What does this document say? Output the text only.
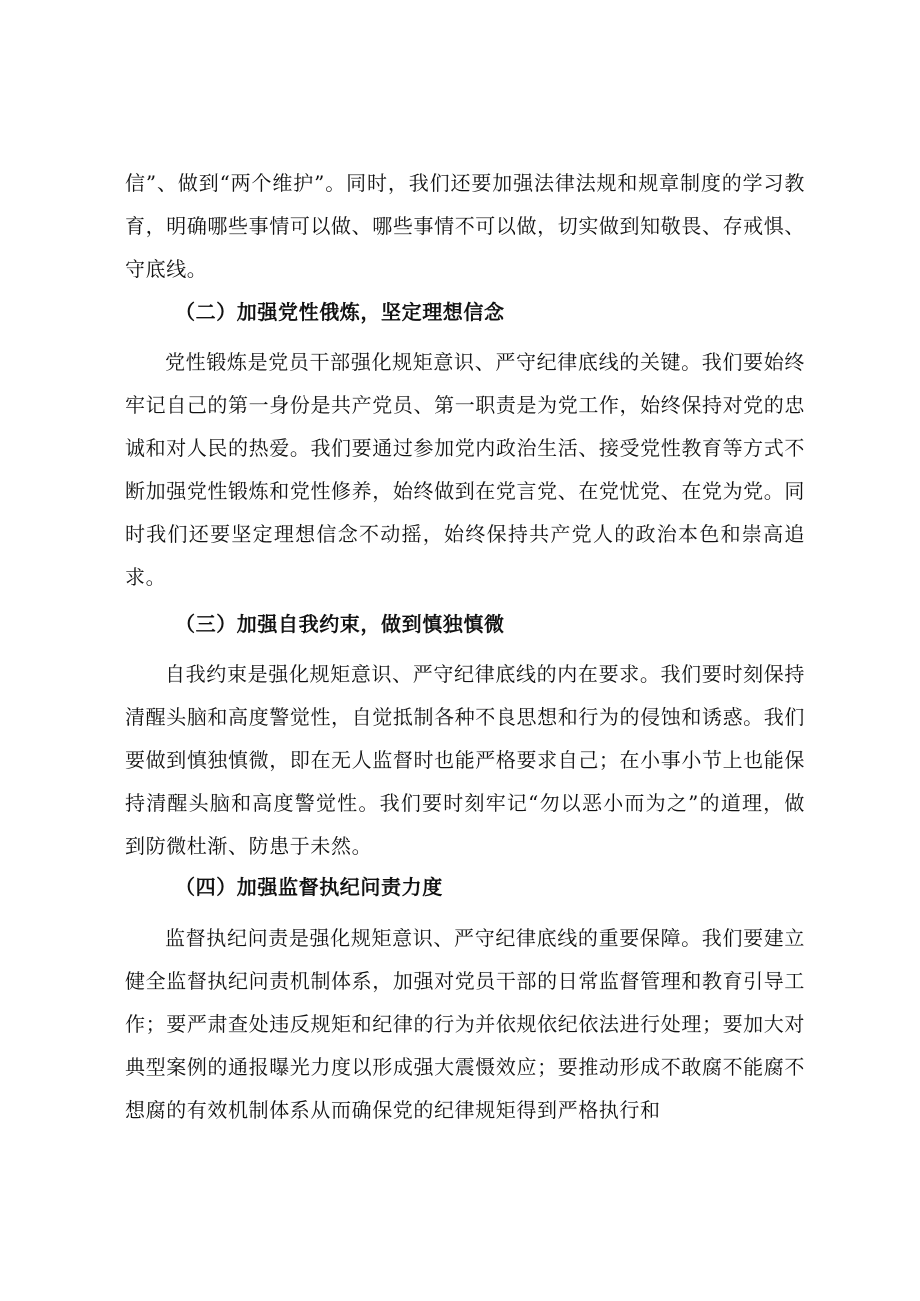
信”、做到“两个维护”。同时，我们还要加强法律法规和规章制度的学习教育，明确哪些事情可以做、哪些事情不可以做，切实做到知敬畏、存戒惧、守底线。

（二）加强党性俄炼，坚定理想信念

党性锻炼是党员干部强化规矩意识、严守纪律底线的关键。我们要始终牢记自己的第一身份是共产党员、第一职责是为党工作，始终保持对党的忠诚和对人民的热爱。我们要通过参加党内政治生活、接受党性教育等方式不断加强党性锻炼和党性修养，始终做到在党言党、在党忧党、在党为党。同时我们还要坚定理想信念不动摇，始终保持共产党人的政治本色和崇高追求。

（三）加强自我约束，做到慎独慎微

自我约束是强化规矩意识、严守纪律底线的内在要求。我们要时刻保持清醒头脑和高度警觉性，自觉抵制各种不良思想和行为的侵蚀和诱惑。我们要做到慎独慎微，即在无人监督时也能严格要求自己；在小事小节上也能保持清醒头脑和高度警觉性。我们要时刻牢记“勿以恶小而为之”的道理，做到防微杜渐、防患于未然。

（四）加强监督执纪问责力度

监督执纪问责是强化规矩意识、严守纪律底线的重要保障。我们要建立健全监督执纪问责机制体系，加强对党员干部的日常监督管理和教育引导工作；要严肃查处违反规矩和纪律的行为并依规依纪依法进行处理；要加大对典型案例的通报曝光力度以形成强大震慑效应；要推动形成不敢腐不能腐不想腐的有效机制体系从而确保党的纪律规矩得到严格执行和
